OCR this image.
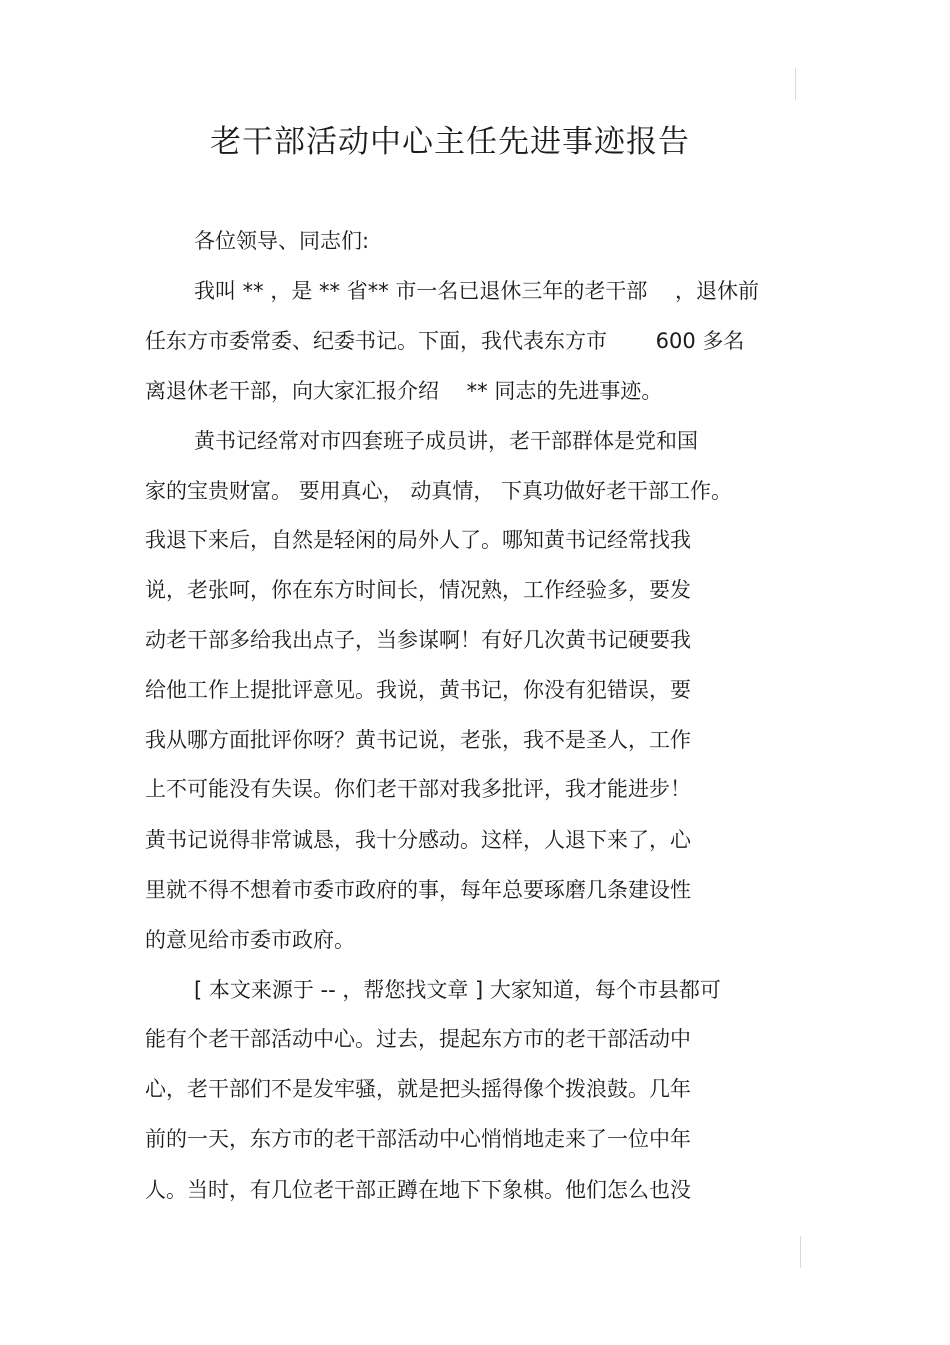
老干部活动中心主任先进事迹报告
各位领导、同志们:
我叫 ** ，是 ** 省** 市一名已退休三年的老干部　 ，退休前
任东方市委常委、纪委书记。下面，我代表东方市　　 600 多名
离退休老干部，向大家汇报介绍　 ** 同志的先进事迹。
黄书记经常对市四套班子成员讲，老干部群体是党和国
家的宝贵财富。 要用真心， 动真情， 下真功做好老干部工作。
我退下来后，自然是轻闲的局外人了。哪知黄书记经常找我
说，老张呵，你在东方时间长，情况熟，工作经验多，要发
动老干部多给我出点子，当参谋啊！有好几次黄书记硬要我
给他工作上提批评意见。我说，黄书记，你没有犯错误，要
我从哪方面批评你呀？黄书记说，老张，我不是圣人，工作
上不可能没有失误。你们老干部对我多批评，我才能进步！
黄书记说得非常诚恳，我十分感动。这样，人退下来了，心
里就不得不想着市委市政府的事，每年总要琢磨几条建设性
的意见给市委市政府。
[ 本文来源于 -- ，帮您找文章 ] 大家知道，每个市县都可
能有个老干部活动中心。过去，提起东方市的老干部活动中
心，老干部们不是发牢骚，就是把头摇得像个拨浪鼓。几年
前的一天，东方市的老干部活动中心悄悄地走来了一位中年
人。当时，有几位老干部正蹲在地下下象棋。他们怎么也没
